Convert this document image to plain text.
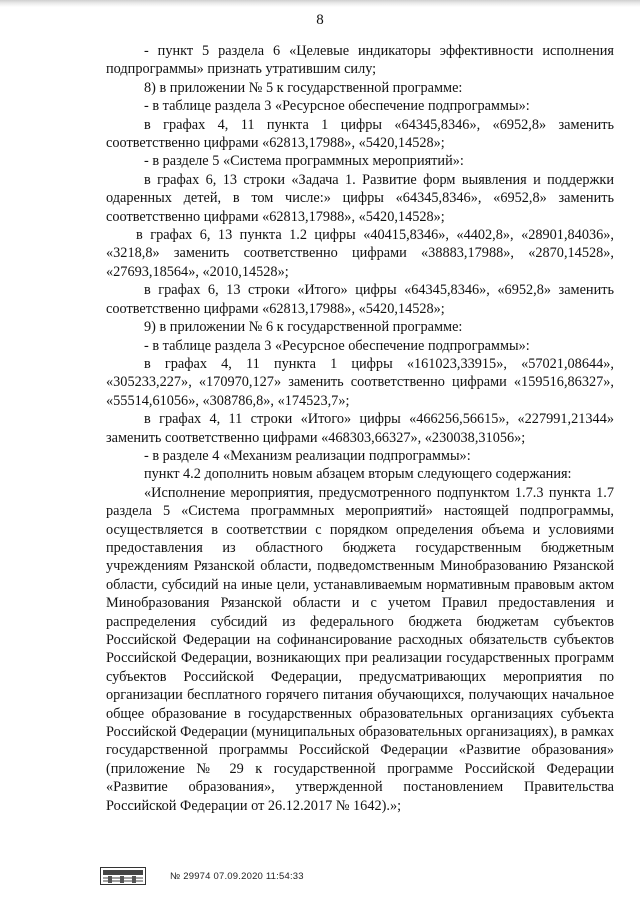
8

- пункт 5 раздела 6 «Целевые индикаторы эффективности исполнения подпрограммы» признать утратившим силу;

8) в приложении № 5 к государственной программе:

- в таблице раздела 3 «Ресурсное обеспечение подпрограммы»:

в графах 4, 11 пункта 1 цифры «64345,8346», «6952,8» заменить соответственно цифрами «62813,17988», «5420,14528»;

- в разделе 5 «Система программных мероприятий»:

в графах 6, 13 строки «Задача 1. Развитие форм выявления и поддержки одаренных детей, в том числе:» цифры «64345,8346», «6952,8» заменить соответственно цифрами «62813,17988», «5420,14528»;

в графах 6, 13 пункта 1.2 цифры «40415,8346», «4402,8», «28901,84036», «3218,8» заменить соответственно цифрами «38883,17988», «2870,14528», «27693,18564», «2010,14528»;

в графах 6, 13 строки «Итого» цифры «64345,8346», «6952,8» заменить соответственно цифрами «62813,17988», «5420,14528»;

9) в приложении № 6 к государственной программе:

- в таблице раздела 3 «Ресурсное обеспечение подпрограммы»:

в графах 4, 11 пункта 1 цифры «161023,33915», «57021,08644», «305233,227», «170970,127» заменить соответственно цифрами «159516,86327», «55514,61056», «308786,8», «174523,7»;

в графах 4, 11 строки «Итого» цифры «466256,56615», «227991,21344» заменить соответственно цифрами «468303,66327», «230038,31056»;

- в разделе 4 «Механизм реализации подпрограммы»:

пункт 4.2 дополнить новым абзацем вторым следующего содержания:

«Исполнение мероприятия, предусмотренного подпунктом 1.7.3 пункта 1.7 раздела 5 «Система программных мероприятий» настоящей подпрограммы, осуществляется в соответствии с порядком определения объема и условиями предоставления из областного бюджета государственным бюджетным учреждениям Рязанской области, подведомственным Минобразованию Рязанской области, субсидий на иные цели, устанавливаемым нормативным правовым актом Минобразования Рязанской области и с учетом Правил предоставления и распределения субсидий из федерального бюджета бюджетам субъектов Российской Федерации на софинансирование расходных обязательств субъектов Российской Федерации, возникающих при реализации государственных программ субъектов Российской Федерации, предусматривающих мероприятия по организации бесплатного горячего питания обучающихся, получающих начальное общее образование в государственных образовательных организациях субъекта Российской Федерации (муниципальных образовательных организациях), в рамках государственной программы Российской Федерации «Развитие образования» (приложение № 29 к государственной программе Российской Федерации «Развитие образования», утвержденной постановлением Правительства Российской Федерации от 26.12.2017 № 1642).»;

№ 29974 07.09.2020 11:54:33
